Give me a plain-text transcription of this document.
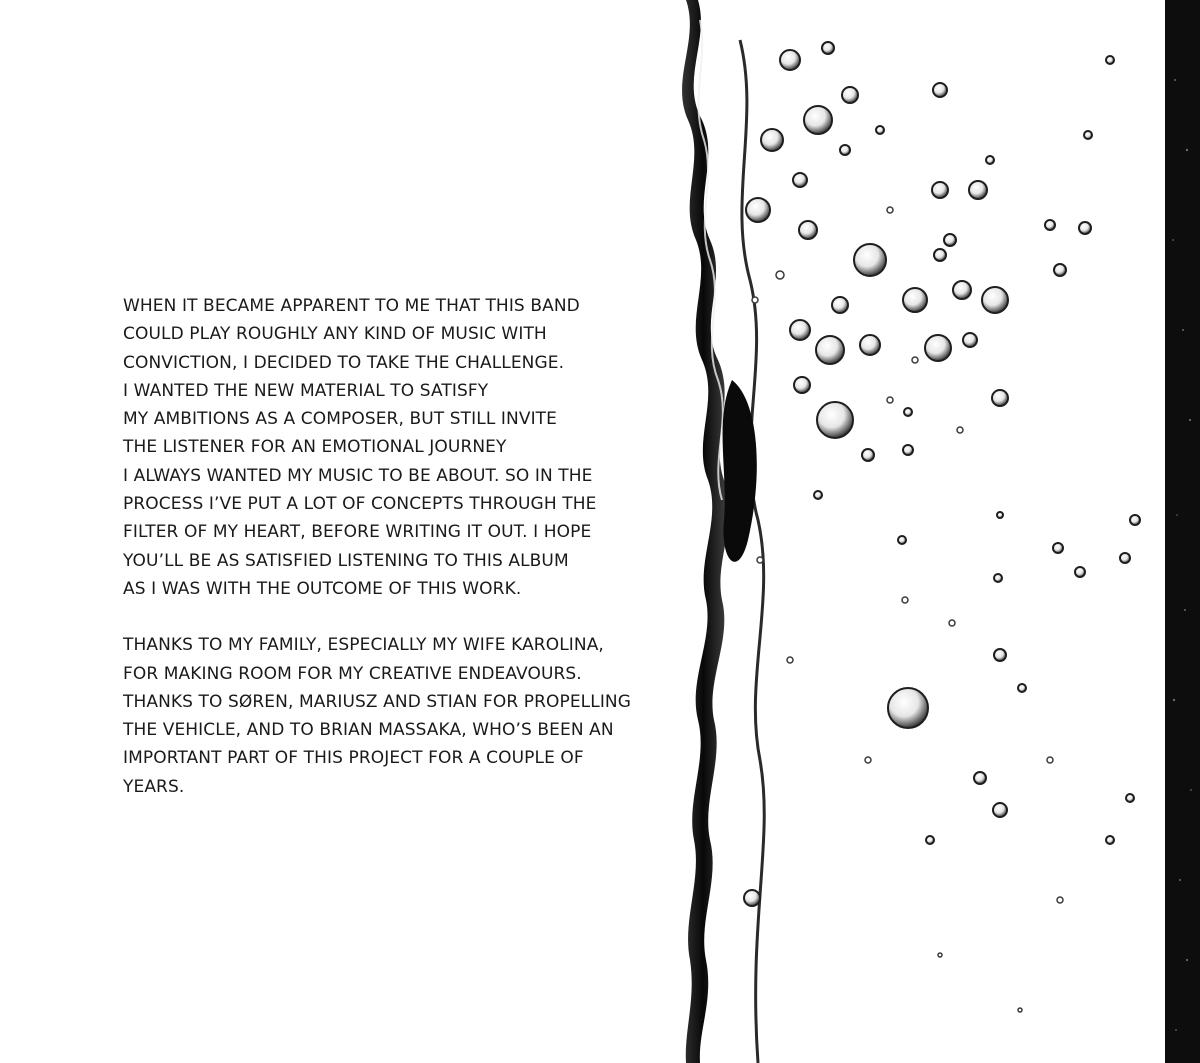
WHEN IT BECAME APPARENT TO ME THAT THIS BAND
COULD PLAY ROUGHLY ANY KIND OF MUSIC WITH
CONVICTION, I DECIDED TO TAKE THE CHALLENGE.
I WANTED THE NEW MATERIAL TO SATISFY
MY AMBITIONS AS A COMPOSER, BUT STILL INVITE
THE LISTENER FOR AN EMOTIONAL JOURNEY
I ALWAYS WANTED MY MUSIC TO BE ABOUT. SO IN THE
PROCESS I’VE PUT A LOT OF CONCEPTS THROUGH THE
FILTER OF MY HEART, BEFORE WRITING IT OUT. I HOPE
YOU’LL BE AS SATISFIED LISTENING TO THIS ALBUM
AS I WAS WITH THE OUTCOME OF THIS WORK.
THANKS TO MY FAMILY, ESPECIALLY MY WIFE KAROLINA,
FOR MAKING ROOM FOR MY CREATIVE ENDEAVOURS.
THANKS TO SØREN, MARIUSZ AND STIAN FOR PROPELLING
THE VEHICLE, AND TO BRIAN MASSAKA, WHO’S BEEN AN
IMPORTANT PART OF THIS PROJECT FOR A COUPLE OF
YEARS.
